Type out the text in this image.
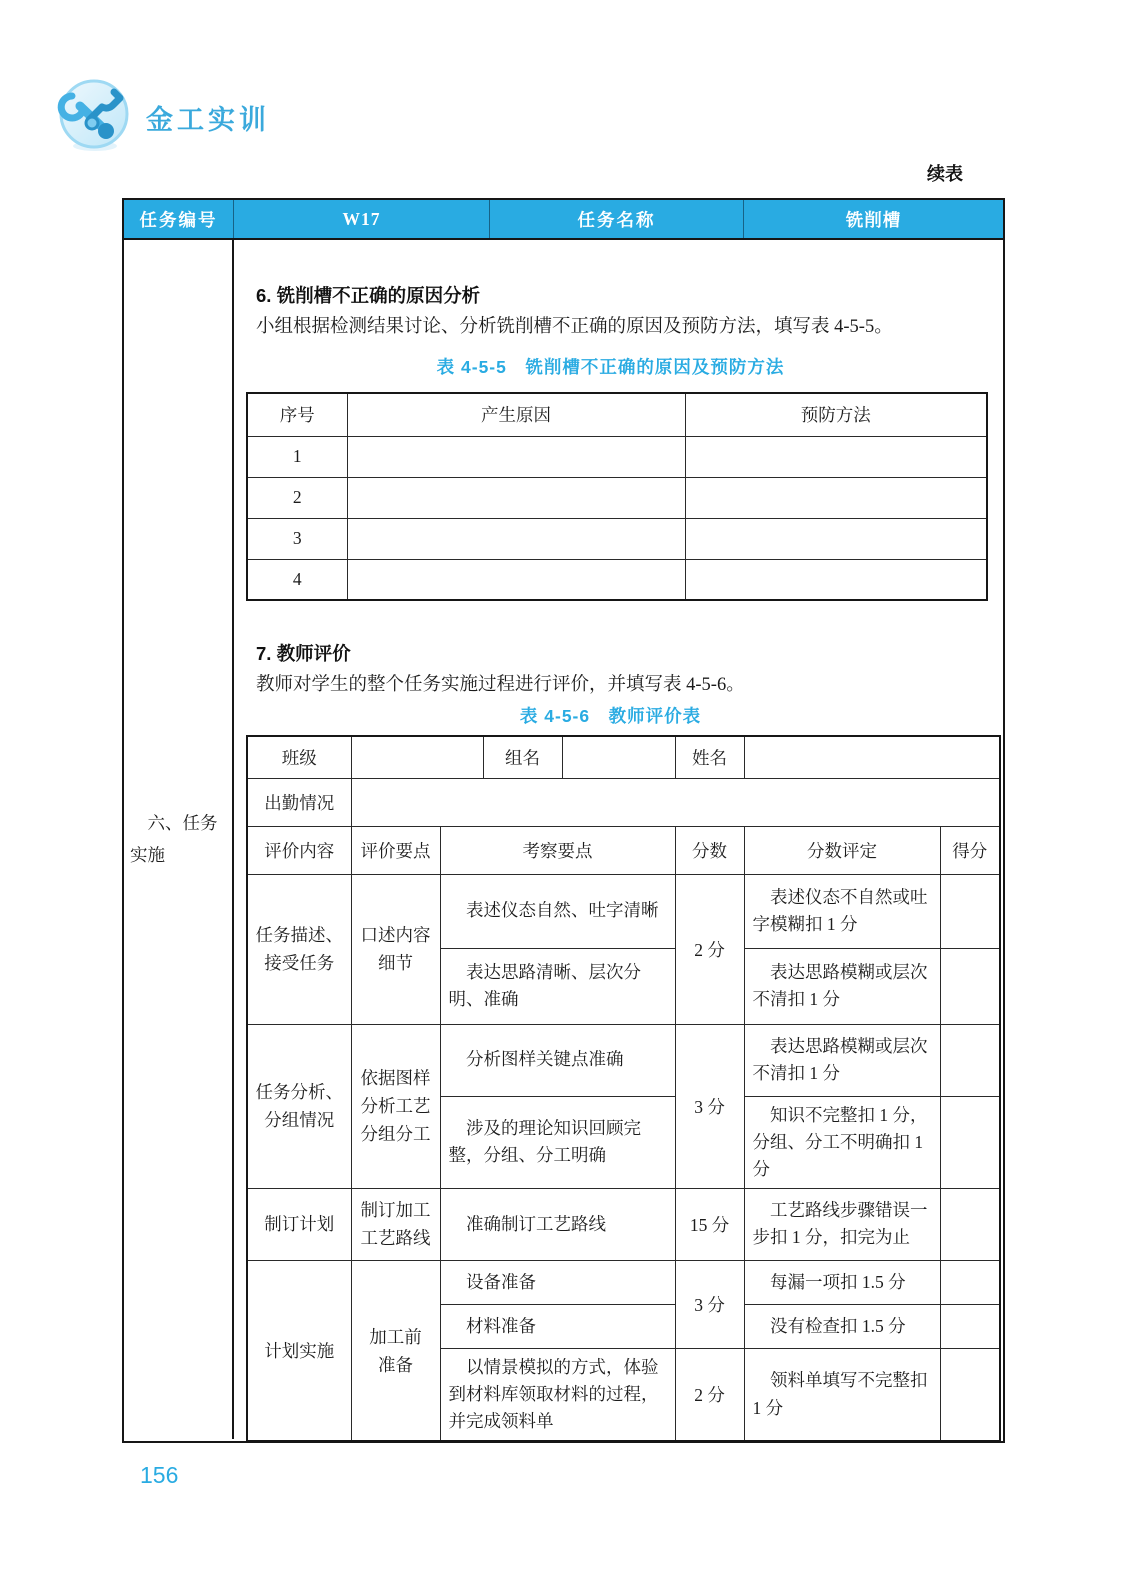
金工实训
续表
任务编号	W17	任务名称	铣削槽
六、任务实施
6. 铣削槽不正确的原因分析
小组根据检测结果讨论、分析铣削槽不正确的原因及预防方法，填写表 4-5-5。
表 4-5-5　铣削槽不正确的原因及预防方法
序号	产生原因	预防方法
1		
2		
3		
4		
7. 教师评价
教师对学生的整个任务实施过程进行评价，并填写表 4-5-6。
表 4-5-6　教师评价表
班级			组名		姓名		
出勤情况							
评价内容	评价要点	考察要点			分数	分数评定	得分

任务描述、接受任务	口述内容细节	表述仪态自然、吐字清晰			2 分	表述仪态不自然或吐字模糊扣 1 分	
		表达思路清晰、层次分明、准确				表达思路模糊或层次不清扣 1 分	

任务分析、分组情况	依据图样分析工艺分组分工	分析图样关键点准确			3 分	表达思路模糊或层次不清扣 1 分	
		涉及的理论知识回顾完整，分组、分工明确				知识不完整扣 1 分，分组、分工不明确扣 1 分	

制订计划	制订加工工艺路线	准确制订工艺路线			15 分	工艺路线步骤错误一步扣 1 分，扣完为止	

计划实施	加工前准备	设备准备			3 分	每漏一项扣 1.5 分	
		材料准备				没有检查扣 1.5 分	
		以情景模拟的方式，体验到材料库领取材料的过程，并完成领料单			2 分	领料单填写不完整扣 1 分	
156
